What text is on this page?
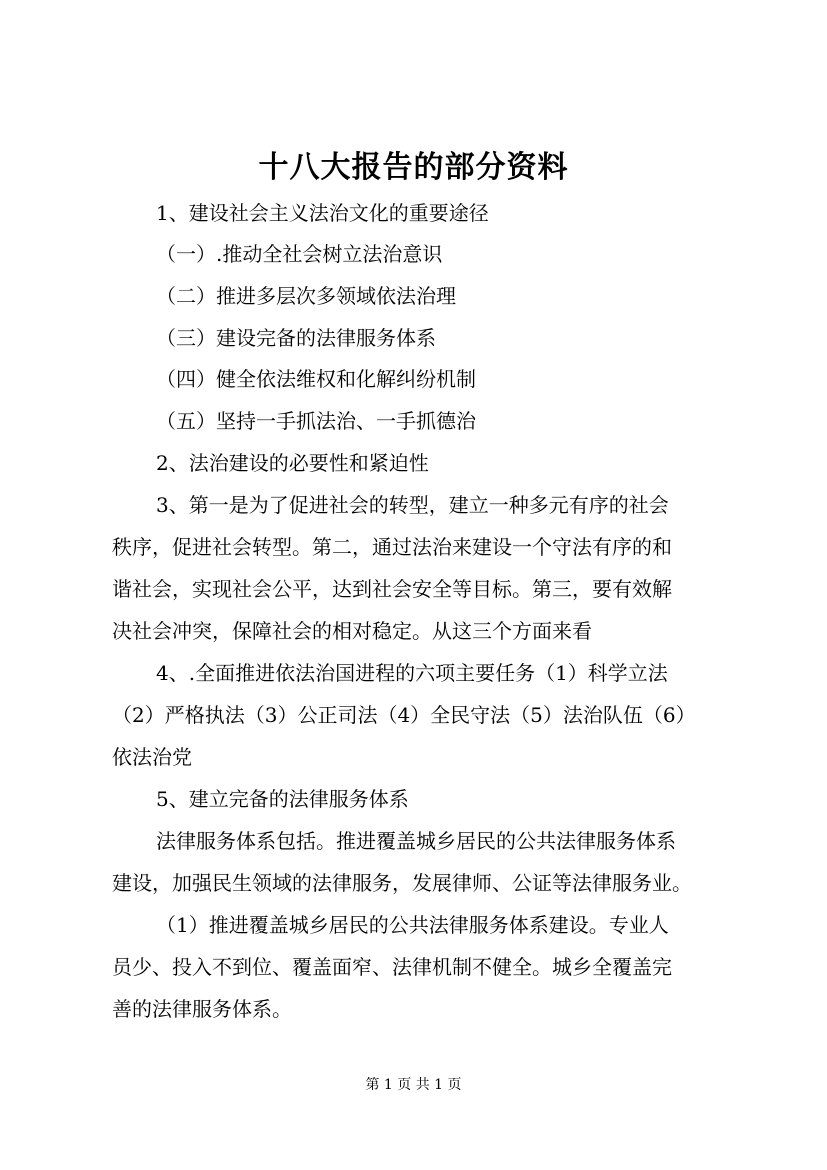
十八大报告的部分资料
1、建设社会主义法治文化的重要途径
（一）.推动全社会树立法治意识
（二）推进多层次多领域依法治理
（三）建设完备的法律服务体系
（四）健全依法维权和化解纠纷机制
（五）坚持一手抓法治、一手抓德治
2、法治建设的必要性和紧迫性
3、第一是为了促进社会的转型，建立一种多元有序的社会
秩序，促进社会转型。第二，通过法治来建设一个守法有序的和
谐社会，实现社会公平，达到社会安全等目标。第三，要有效解
决社会冲突，保障社会的相对稳定。从这三个方面来看
4、.全面推进依法治国进程的六项主要任务（1）科学立法
（2）严格执法（3）公正司法（4）全民守法（5）法治队伍（6）
依法治党
5、建立完备的法律服务体系
法律服务体系包括。推进覆盖城乡居民的公共法律服务体系
建设，加强民生领域的法律服务，发展律师、公证等法律服务业。
（1）推进覆盖城乡居民的公共法律服务体系建设。专业人
员少、投入不到位、覆盖面窄、法律机制不健全。城乡全覆盖完
善的法律服务体系。
第 1 页 共 1 页
